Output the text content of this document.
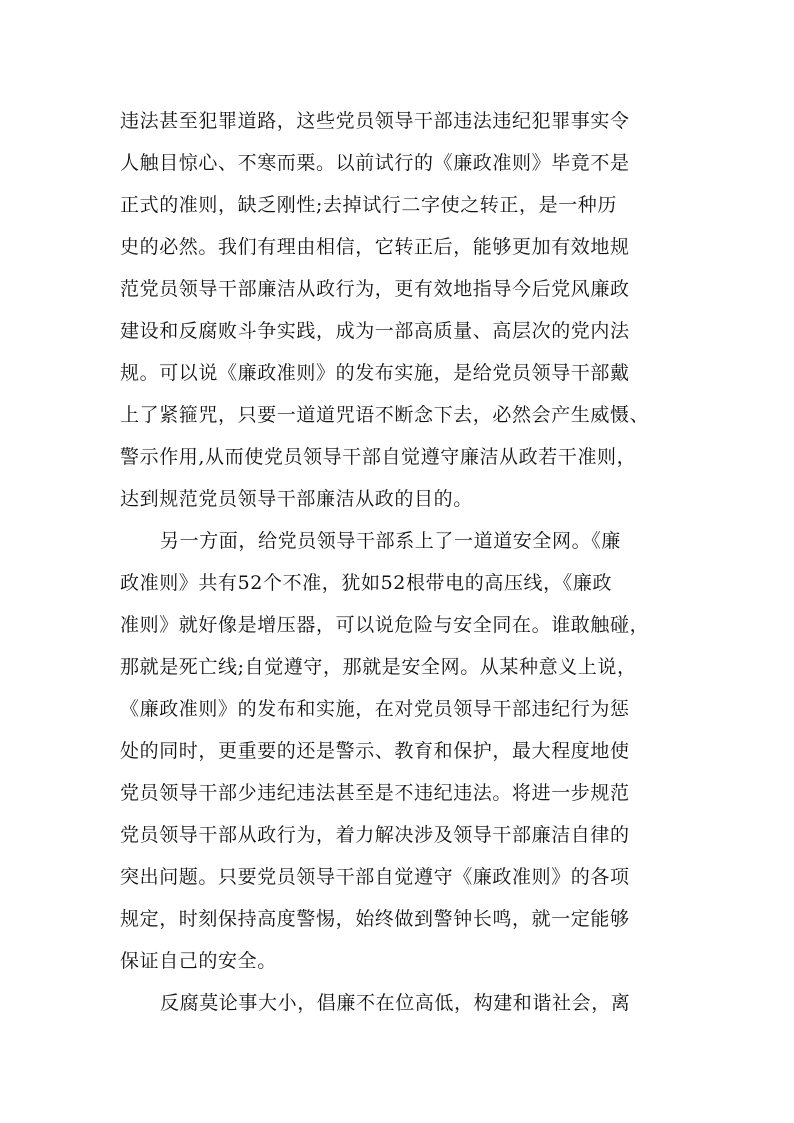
违法甚至犯罪道路，这些党员领导干部违法违纪犯罪事实令
人触目惊心、不寒而栗。以前试行的《廉政准则》毕竟不是
正式的准则，缺乏刚性;去掉试行二字使之转正，是一种历
史的必然。我们有理由相信，它转正后，能够更加有效地规
范党员领导干部廉洁从政行为，更有效地指导今后党风廉政
建设和反腐败斗争实践，成为一部高质量、高层次的党内法
规。可以说《廉政准则》的发布实施，是给党员领导干部戴
上了紧箍咒，只要一道道咒语不断念下去，必然会产生威慑、
警示作用,从而使党员领导干部自觉遵守廉洁从政若干准则，
达到规范党员领导干部廉洁从政的目的。
另一方面，给党员领导干部系上了一道道安全网。《廉
政准则》共有52个不准，犹如52根带电的高压线，《廉政
准则》就好像是增压器，可以说危险与安全同在。谁敢触碰，
那就是死亡线;自觉遵守，那就是安全网。从某种意义上说，
《廉政准则》的发布和实施，在对党员领导干部违纪行为惩
处的同时，更重要的还是警示、教育和保护，最大程度地使
党员领导干部少违纪违法甚至是不违纪违法。将进一步规范
党员领导干部从政行为，着力解决涉及领导干部廉洁自律的
突出问题。只要党员领导干部自觉遵守《廉政准则》的各项
规定，时刻保持高度警惕，始终做到警钟长鸣，就一定能够
保证自己的安全。
反腐莫论事大小，倡廉不在位高低，构建和谐社会，离
